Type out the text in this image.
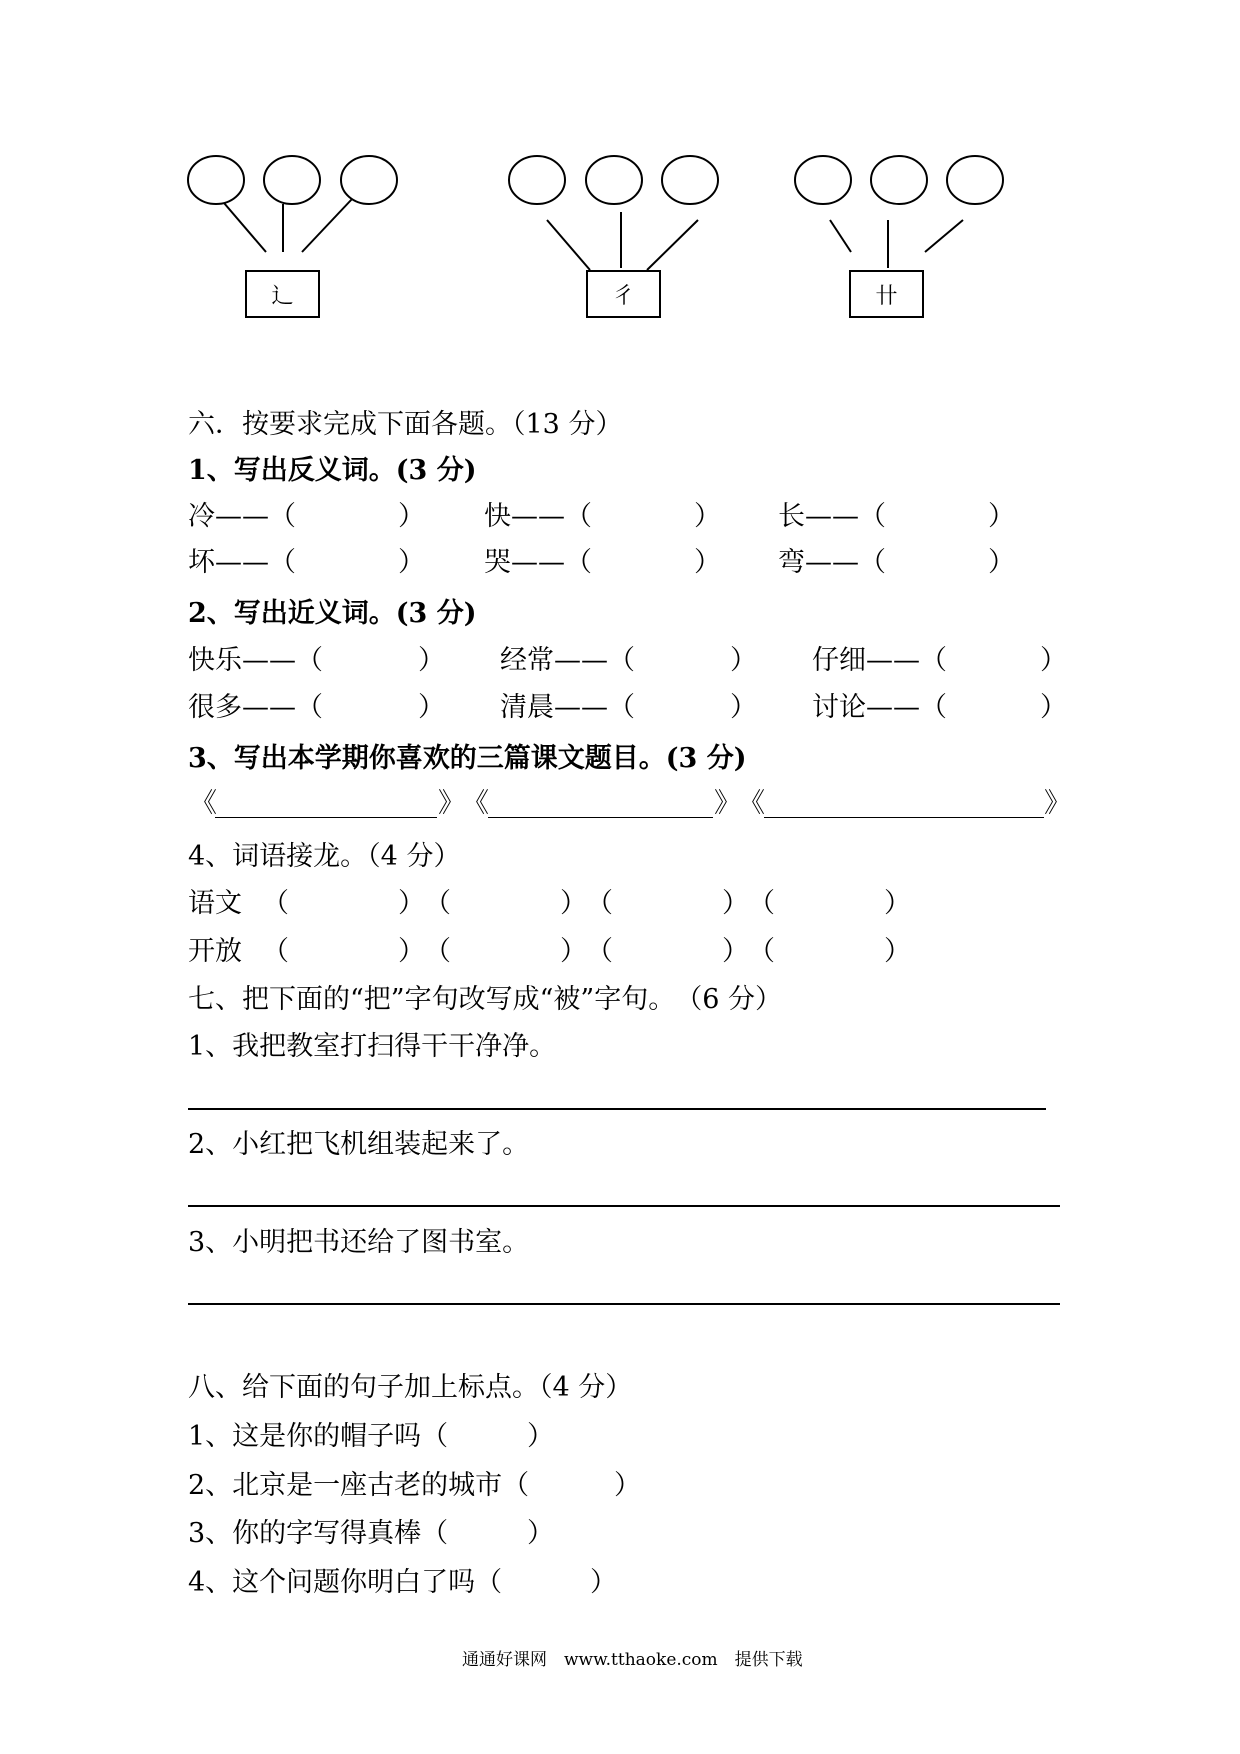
辶	彳	卄
六．按要求完成下面各题。（13 分）
1、写出反义词。(3 分)
冷——（	） 快——（	） 长——（	）
坏——（	） 哭——（	） 弯——（	）
2、写出近义词。(3 分)
快乐——（	） 经常——（	） 仔细——（	）
很多——（	） 清晨——（	） 讨论——（	）
3、写出本学期你喜欢的三篇课文题目。(3 分)
《	》
《	》
《	》
4、词语接龙。（4 分）
语文 （	） （	） （	） （	）
开放 （	） （	） （	） （	）
七、把下面的“把”字句改写成“被”字句。　（6 分）
1、我把教室打扫得干干净净。
2、小红把飞机组装起来了。
3、小明把书还给了图书室。
八、给下面的句子加上标点。（4 分）
1、这是你的帽子吗（	）
2、北京是一座古老的城市（	）
3、你的字写得真棒（	）
4、这个问题你明白了吗（	）
通通好课网　www.tthaoke.com　提供下载
